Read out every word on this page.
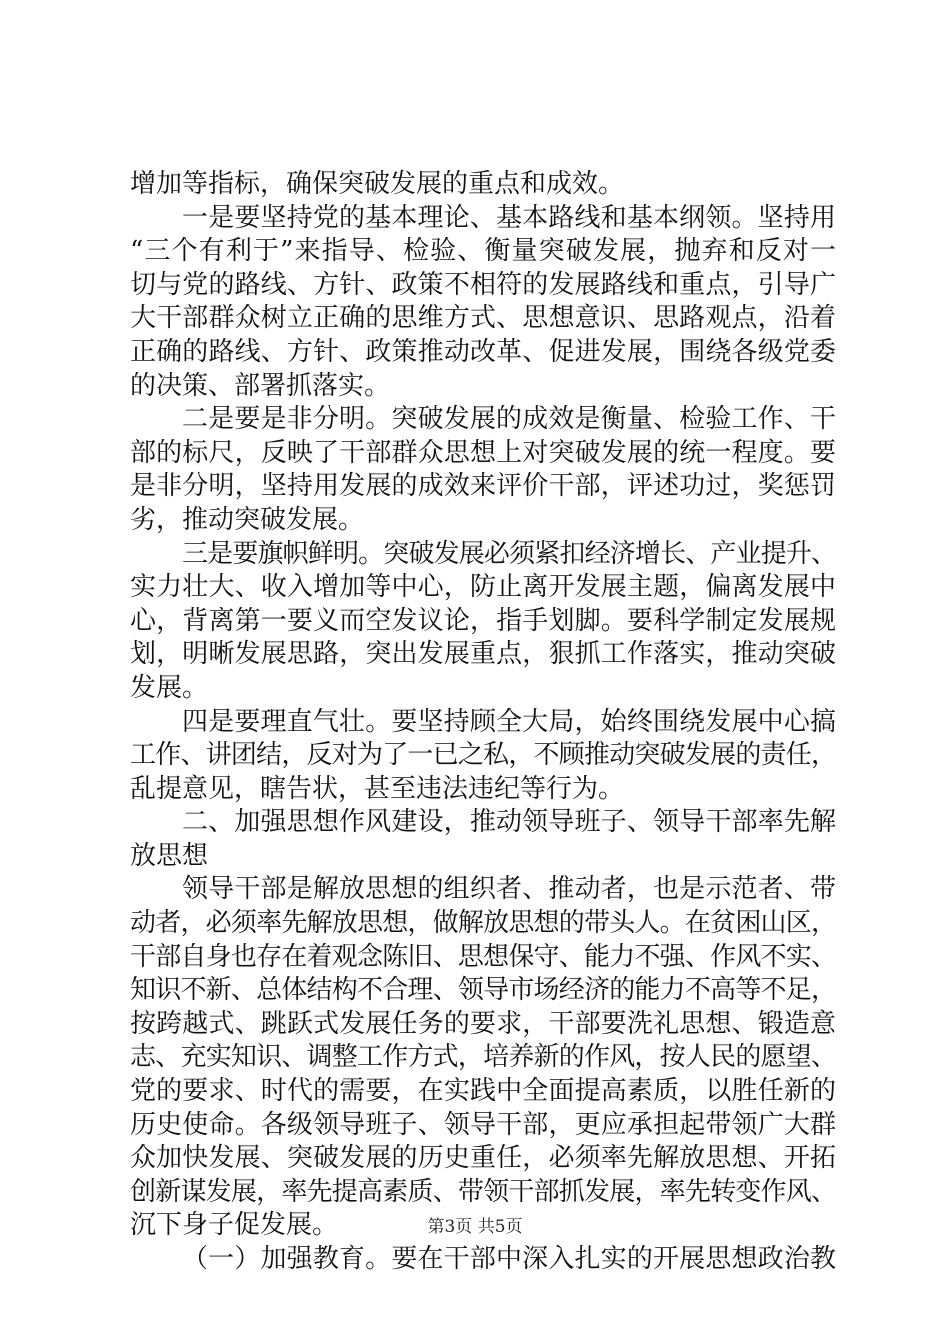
增加等指标，确保突破发展的重点和成效。
一是要坚持党的基本理论、基本路线和基本纲领。坚持用
“三个有利于”来指导、检验、衡量突破发展，抛弃和反对一
切与党的路线、方针、政策不相符的发展路线和重点，引导广
大干部群众树立正确的思维方式、思想意识、思路观点，沿着
正确的路线、方针、政策推动改革、促进发展，围绕各级党委
的决策、部署抓落实。
二是要是非分明。突破发展的成效是衡量、检验工作、干
部的标尺，反映了干部群众思想上对突破发展的统一程度。要
是非分明，坚持用发展的成效来评价干部，评述功过，奖惩罚
劣，推动突破发展。
三是要旗帜鲜明。突破发展必须紧扣经济增长、产业提升、
实力壮大、收入增加等中心，防止离开发展主题，偏离发展中
心，背离第一要义而空发议论，指手划脚。要科学制定发展规
划，明晰发展思路，突出发展重点，狠抓工作落实，推动突破
发展。
四是要理直气壮。要坚持顾全大局，始终围绕发展中心搞
工作、讲团结，反对为了一已之私，不顾推动突破发展的责任，
乱提意见，瞎告状，甚至违法违纪等行为。
二、加强思想作风建设，推动领导班子、领导干部率先解
放思想
领导干部是解放思想的组织者、推动者，也是示范者、带
动者，必须率先解放思想，做解放思想的带头人。在贫困山区，
干部自身也存在着观念陈旧、思想保守、能力不强、作风不实、
知识不新、总体结构不合理、领导市场经济的能力不高等不足，
按跨越式、跳跃式发展任务的要求，干部要洗礼思想、锻造意
志、充实知识、调整工作方式，培养新的作风，按人民的愿望、
党的要求、时代的需要，在实践中全面提高素质，以胜任新的
历史使命。各级领导班子、领导干部，更应承担起带领广大群
众加快发展、突破发展的历史重任，必须率先解放思想、开拓
创新谋发展，率先提高素质、带领干部抓发展，率先转变作风、
沉下身子促发展。
（一）加强教育。要在干部中深入扎实的开展思想政治教
第3页 共5页
